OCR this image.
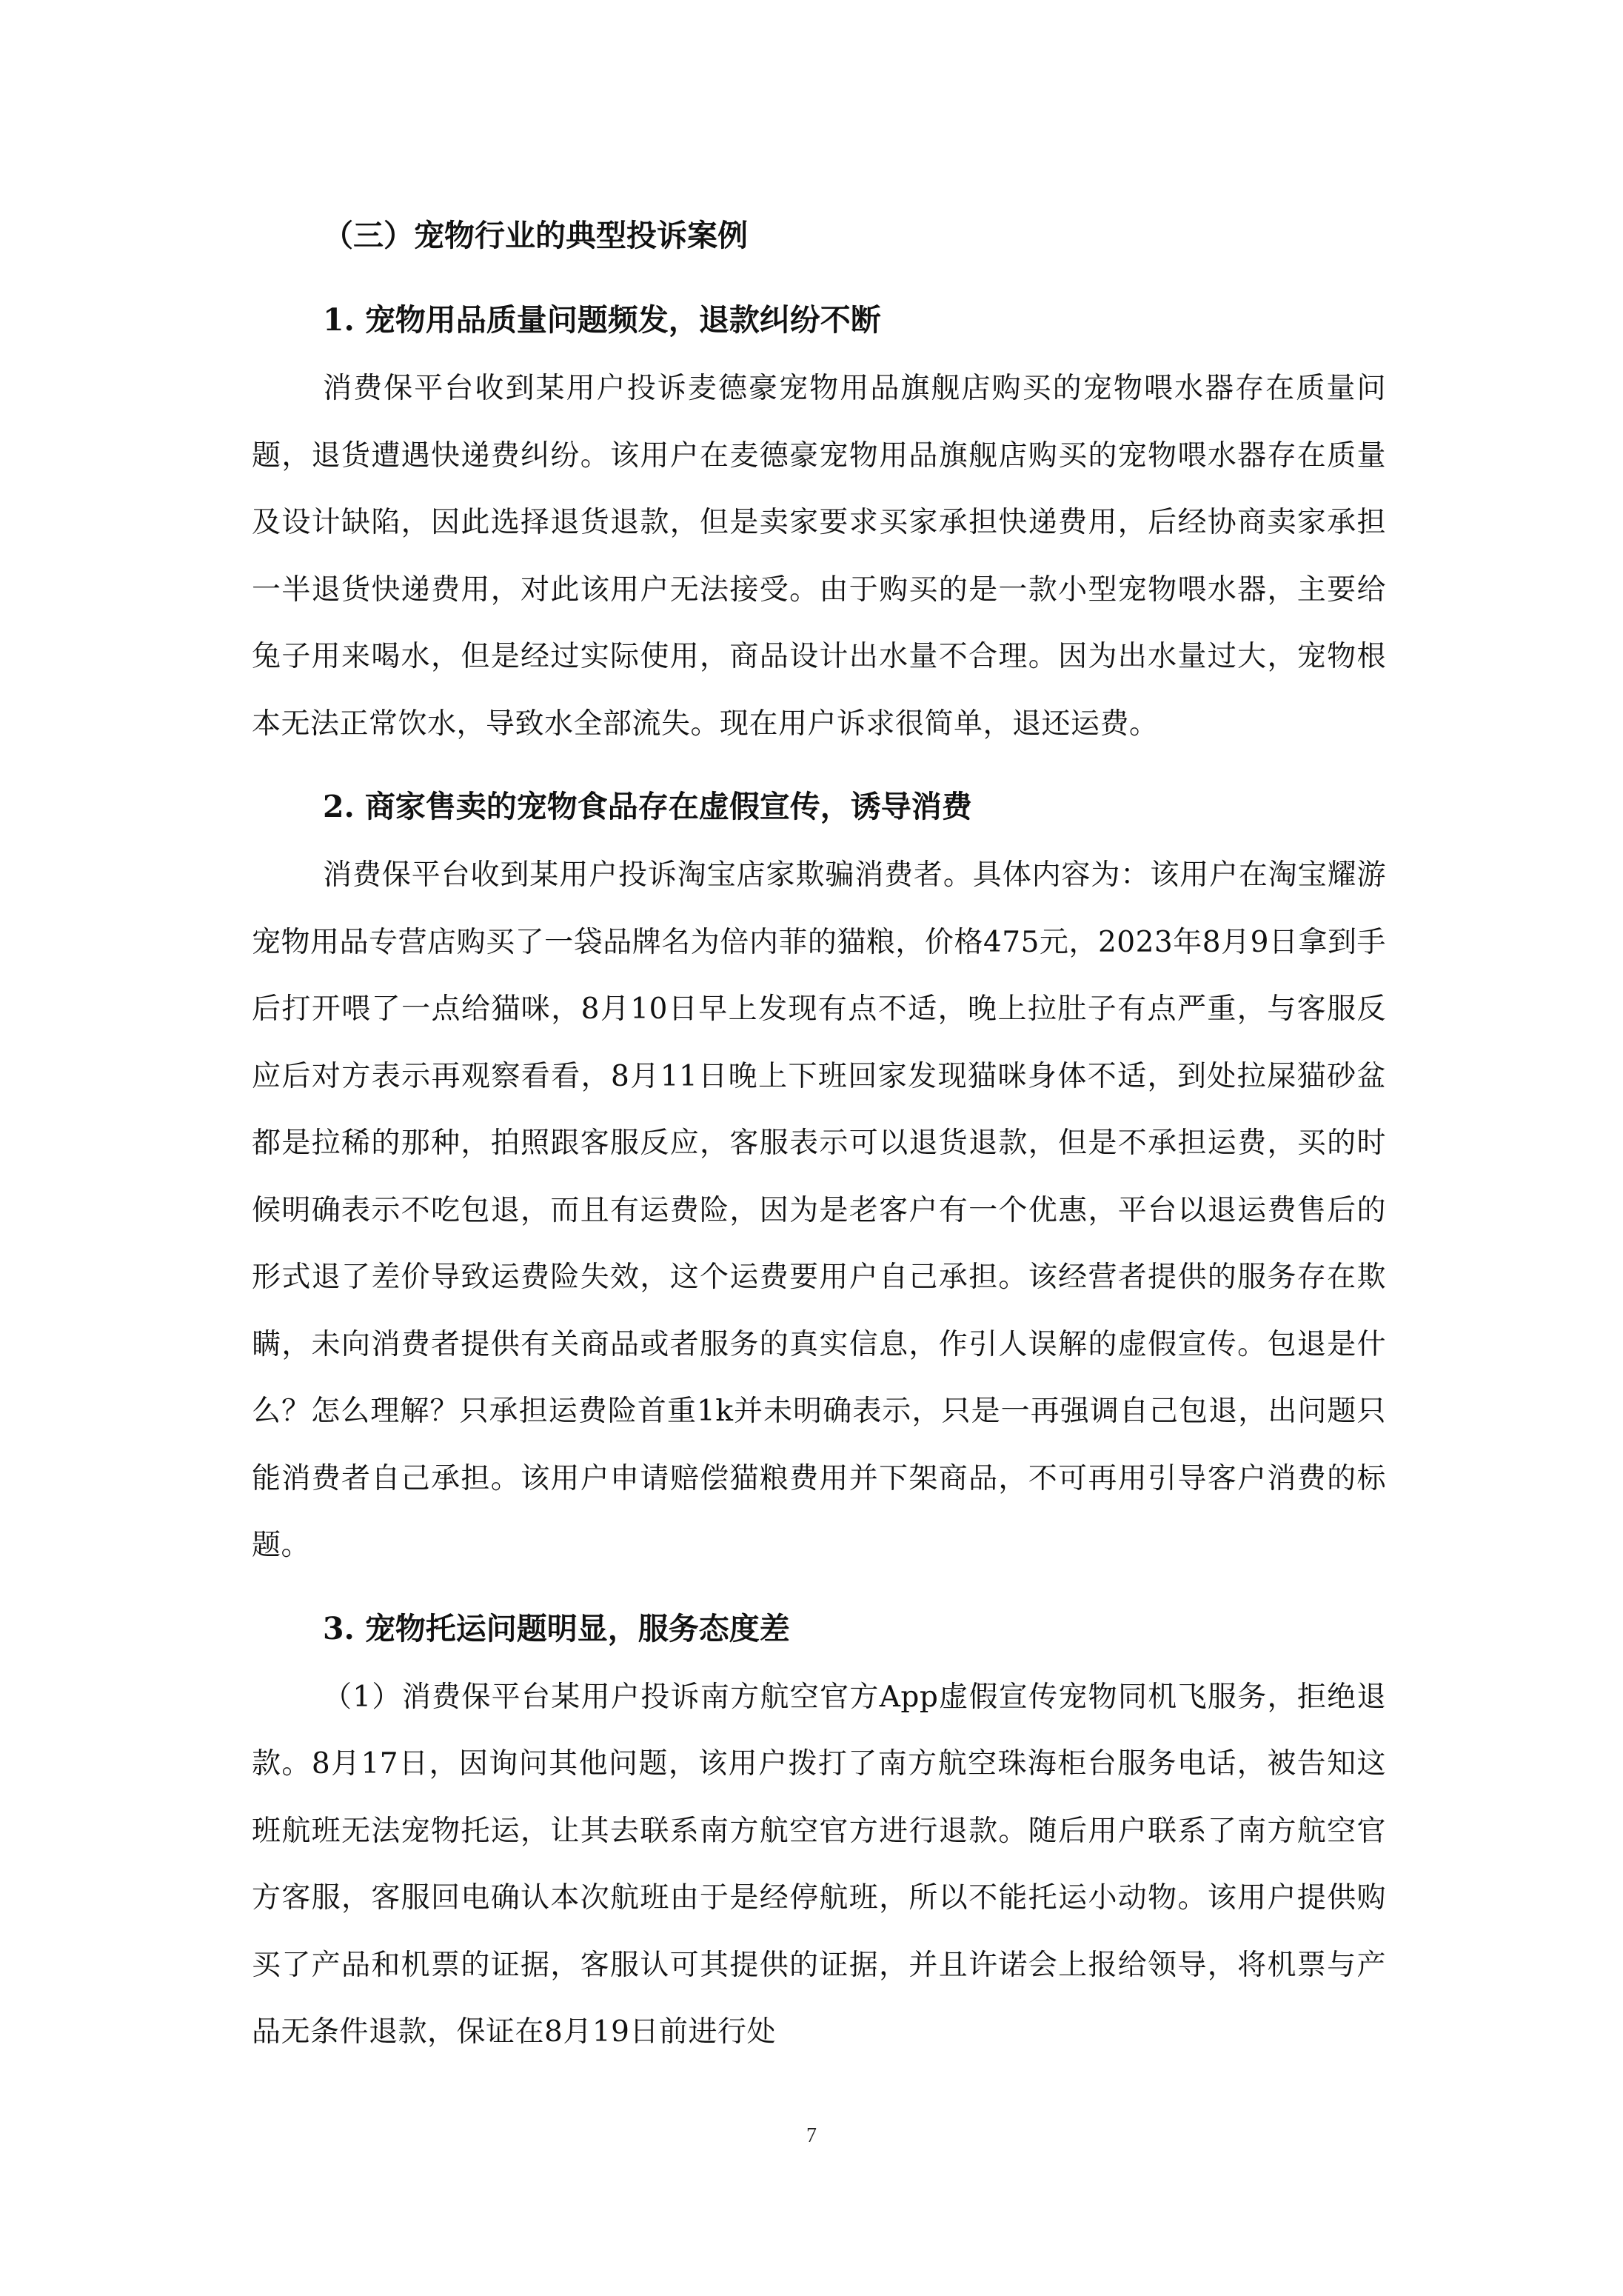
（三）宠物行业的典型投诉案例
1. 宠物用品质量问题频发，退款纠纷不断

消费保平台收到某用户投诉麦德豪宠物用品旗舰店购买的宠物喂水器存在质量问题，退货遭遇快递费纠纷。该用户在麦德豪宠物用品旗舰店购买的宠物喂水器存在质量及设计缺陷，因此选择退货退款，但是卖家要求买家承担快递费用，后经协商卖家承担一半退货快递费用，对此该用户无法接受。由于购买的是一款小型宠物喂水器，主要给兔子用来喝水，但是经过实际使用，商品设计出水量不合理。因为出水量过大，宠物根本无法正常饮水，导致水全部流失。现在用户诉求很简单，退还运费。

2. 商家售卖的宠物食品存在虚假宣传，诱导消费

消费保平台收到某用户投诉淘宝店家欺骗消费者。具体内容为：该用户在淘宝耀游宠物用品专营店购买了一袋品牌名为倍内菲的猫粮，价格475元，2023年8月9日拿到手后打开喂了一点给猫咪，8月10日早上发现有点不适，晚上拉肚子有点严重，与客服反应后对方表示再观察看看，8月11日晚上下班回家发现猫咪身体不适，到处拉屎猫砂盆都是拉稀的那种，拍照跟客服反应，客服表示可以退货退款，但是不承担运费，买的时候明确表示不吃包退，而且有运费险，因为是老客户有一个优惠，平台以退运费售后的形式退了差价导致运费险失效，这个运费要用户自己承担。该经营者提供的服务存在欺瞒，未向消费者提供有关商品或者服务的真实信息，作引人误解的虚假宣传。包退是什么？怎么理解？只承担运费险首重1k并未明确表示，只是一再强调自己包退，出问题只能消费者自己承担。该用户申请赔偿猫粮费用并下架商品，不可再用引导客户消费的标题。

3. 宠物托运问题明显，服务态度差

（1）消费保平台某用户投诉南方航空官方App虚假宣传宠物同机飞服务，拒绝退款。8月17日，因询问其他问题，该用户拨打了南方航空珠海柜台服务电话，被告知这班航班无法宠物托运，让其去联系南方航空官方进行退款。随后用户联系了南方航空官方客服，客服回电确认本次航班由于是经停航班，所以不能托运小动物。该用户提供购买了产品和机票的证据，客服认可其提供的证据，并且许诺会上报给领导，将机票与产品无条件退款，保证在8月19日前进行处

7
